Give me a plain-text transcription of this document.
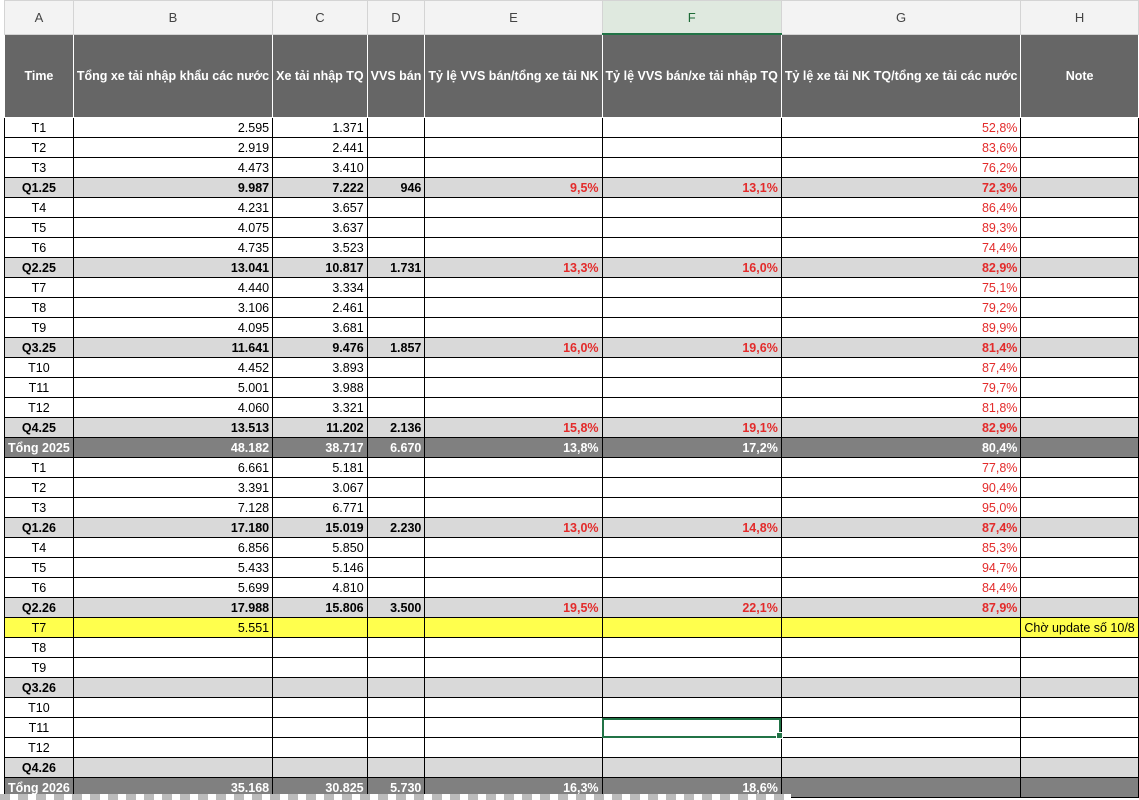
A	B	C	D	E	F	G	H
Time	Tổng xe tải nhập khẩu các nước	Xe tải nhập TQ	VVS bán	Tỷ lệ VVS bán/tổng xe tải NK	Tỷ lệ VVS bán/xe tải nhập TQ	Tỷ lệ xe tải NK TQ/tổng xe tải các nước	Note
T1	2.595	1.371				52,8%	
T2	2.919	2.441				83,6%	
T3	4.473	3.410				76,2%	
Q1.25	9.987	7.222	946	9,5%	13,1%	72,3%	
T4	4.231	3.657				86,4%	
T5	4.075	3.637				89,3%	
T6	4.735	3.523				74,4%	
Q2.25	13.041	10.817	1.731	13,3%	16,0%	82,9%	
T7	4.440	3.334				75,1%	
T8	3.106	2.461				79,2%	
T9	4.095	3.681				89,9%	
Q3.25	11.641	9.476	1.857	16,0%	19,6%	81,4%	
T10	4.452	3.893				87,4%	
T11	5.001	3.988				79,7%	
T12	4.060	3.321				81,8%	
Q4.25	13.513	11.202	2.136	15,8%	19,1%	82,9%	
Tổng 2025	48.182	38.717	6.670	13,8%	17,2%	80,4%	
T1	6.661	5.181				77,8%	
T2	3.391	3.067				90,4%	
T3	7.128	6.771				95,0%	
Q1.26	17.180	15.019	2.230	13,0%	14,8%	87,4%	
T4	6.856	5.850				85,3%	
T5	5.433	5.146				94,7%	
T6	5.699	4.810				84,4%	
Q2.26	17.988	15.806	3.500	19,5%	22,1%	87,9%	
T7	5.551						Chờ update số 10/8
T8							
T9							
Q3.26							
T10							
T11							
T12							
Q4.26							
Tổng 2026	35.168	30.825	5.730	16,3%	18,6%		
